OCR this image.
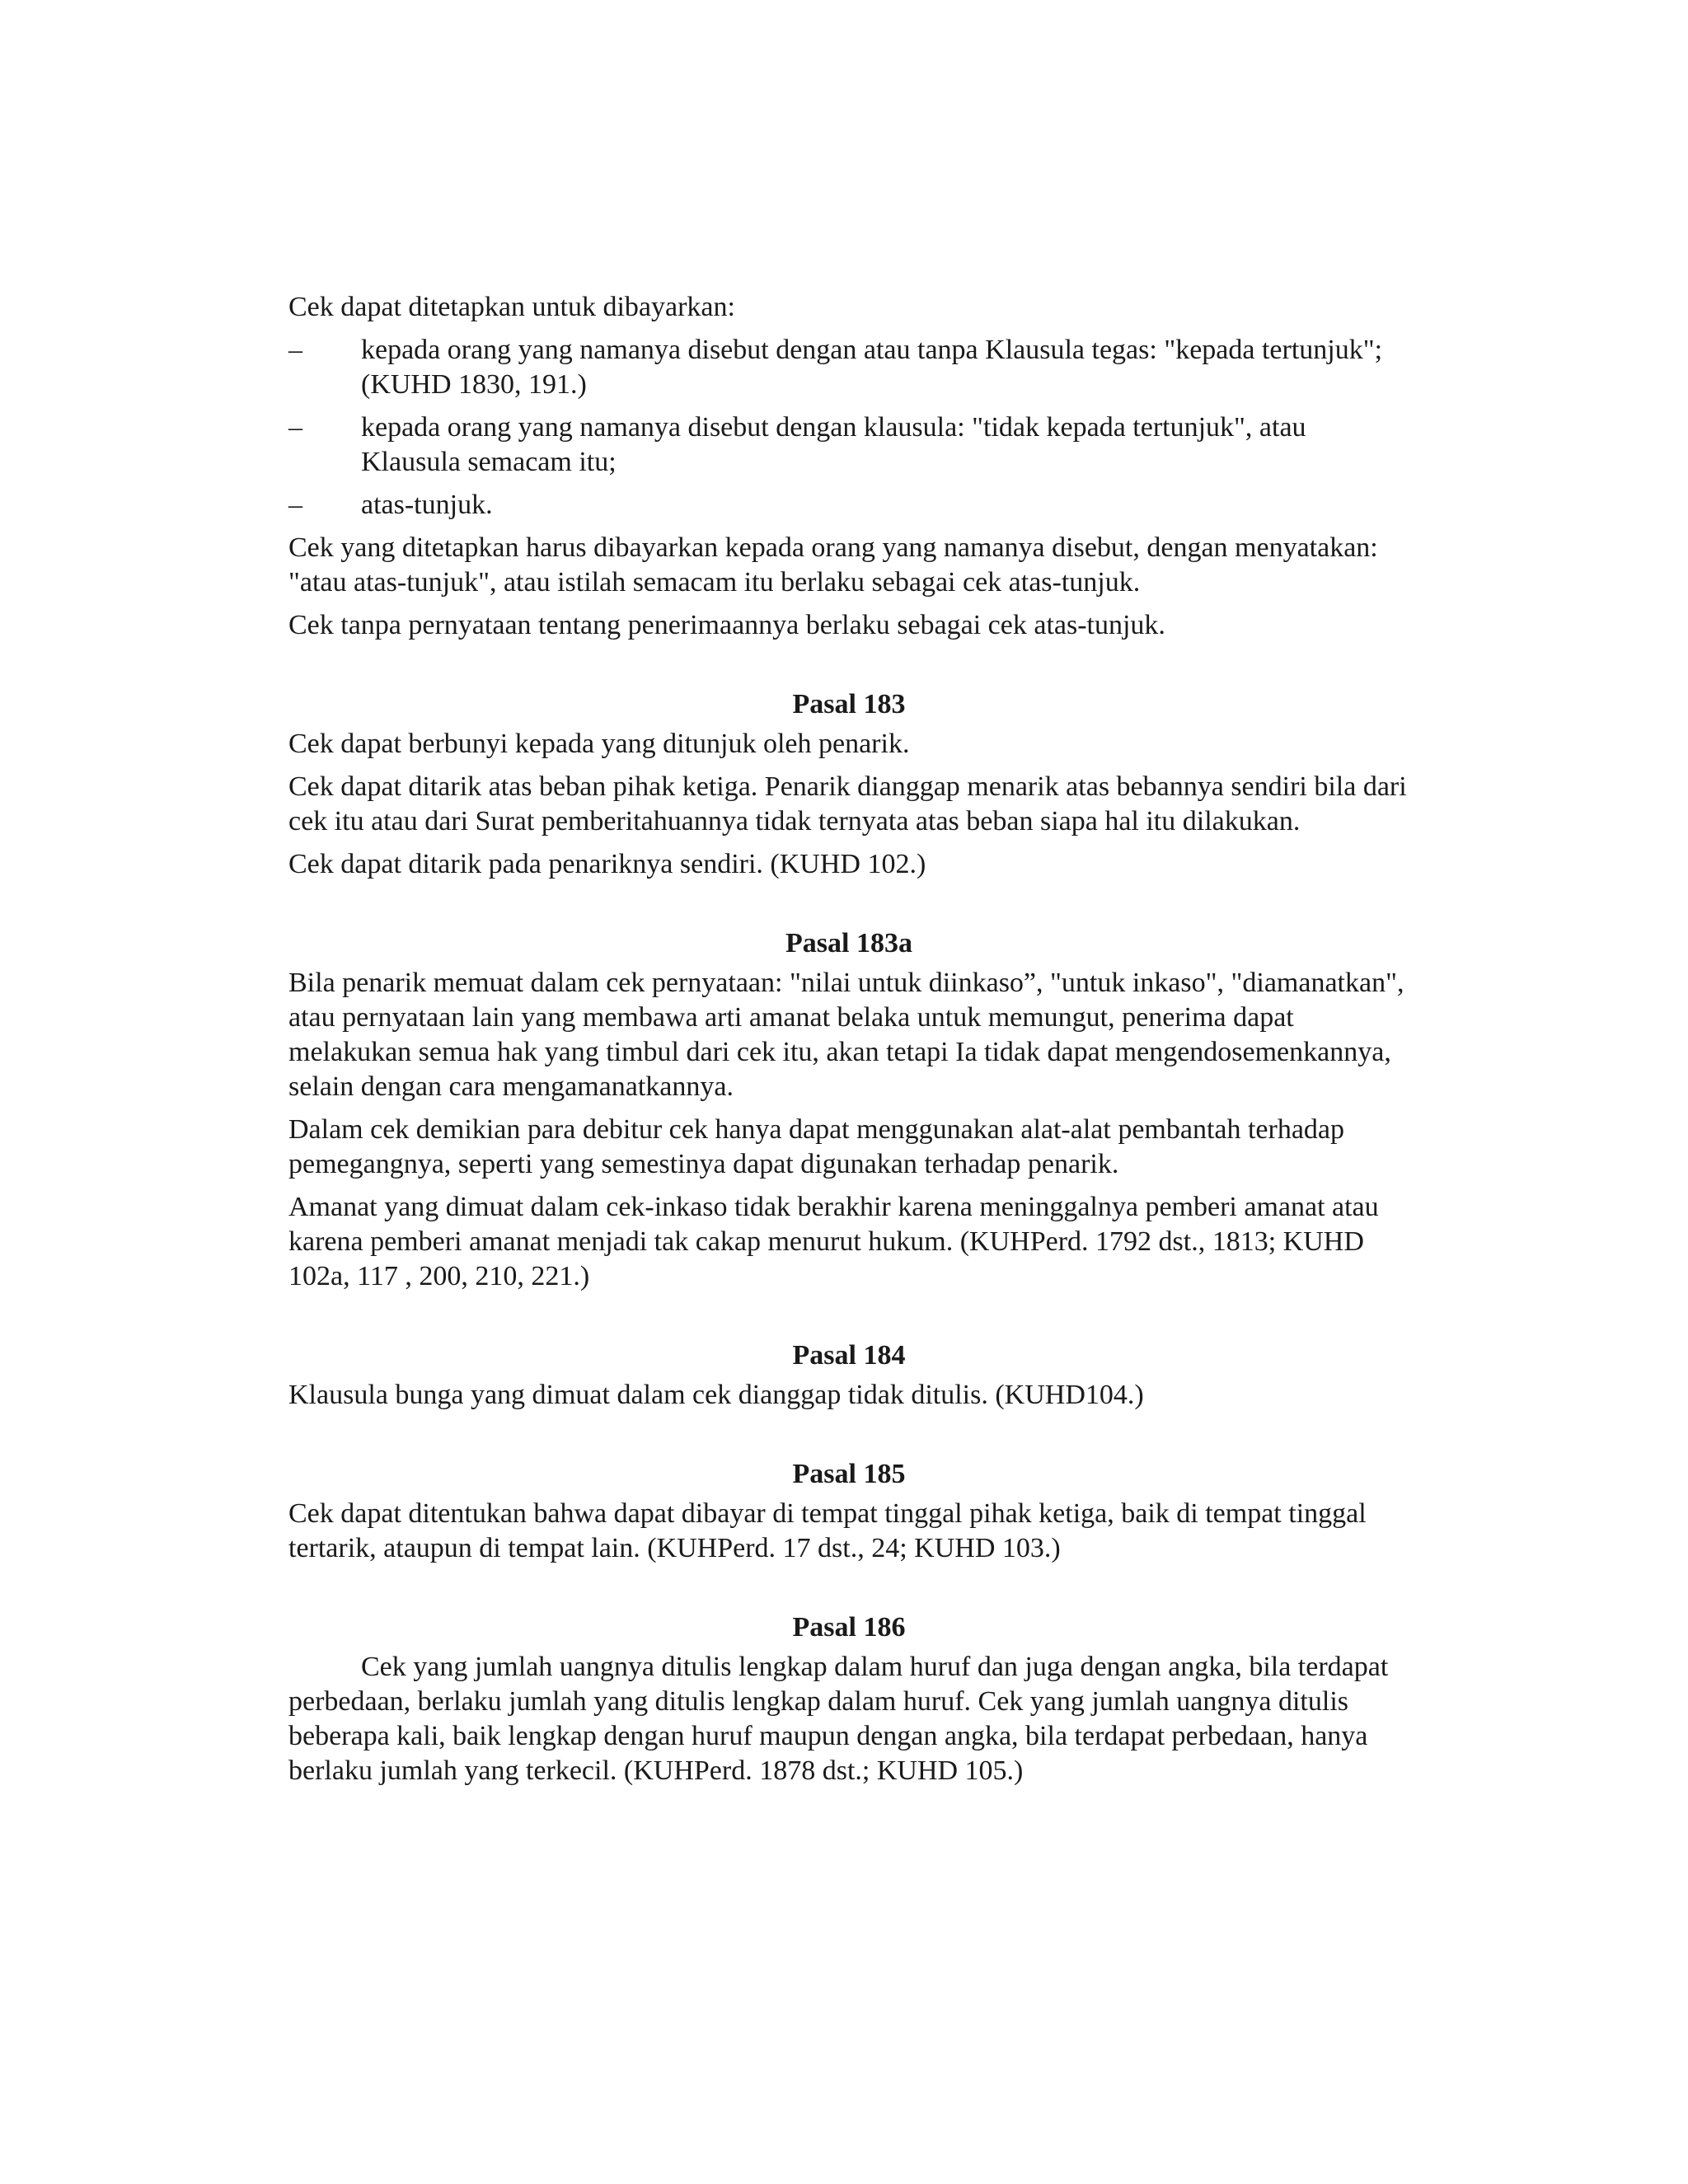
Cek dapat ditetapkan untuk dibayarkan:

– kepada orang yang namanya disebut dengan atau tanpa Klausula tegas: "kepada tertunjuk"; (KUHD 1830, 191.)
– kepada orang yang namanya disebut dengan klausula: "tidak kepada tertunjuk", atau Klausula semacam itu;
– atas-tunjuk.

Cek yang ditetapkan harus dibayarkan kepada orang yang namanya disebut, dengan menyatakan: "atau atas-tunjuk", atau istilah semacam itu berlaku sebagai cek atas-tunjuk.

Cek tanpa pernyataan tentang penerimaannya berlaku sebagai cek atas-tunjuk.

Pasal 183

Cek dapat berbunyi kepada yang ditunjuk oleh penarik.

Cek dapat ditarik atas beban pihak ketiga. Penarik dianggap menarik atas bebannya sendiri bila dari cek itu atau dari Surat pemberitahuannya tidak ternyata atas beban siapa hal itu dilakukan.

Cek dapat ditarik pada penariknya sendiri. (KUHD 102.)

Pasal 183a

Bila penarik memuat dalam cek pernyataan: "nilai untuk diinkaso”, "untuk inkaso", "diamanatkan", atau pernyataan lain yang membawa arti amanat belaka untuk memungut, penerima dapat melakukan semua hak yang timbul dari cek itu, akan tetapi Ia tidak dapat mengendosemenkannya, selain dengan cara mengamanatkannya.

Dalam cek demikian para debitur cek hanya dapat menggunakan alat-alat pembantah terhadap pemegangnya, seperti yang semestinya dapat digunakan terhadap penarik.

Amanat yang dimuat dalam cek-inkaso tidak berakhir karena meninggalnya pemberi amanat atau karena pemberi amanat menjadi tak cakap menurut hukum. (KUHPerd. 1792 dst., 1813; KUHD 102a, 117 , 200, 210, 221.)

Pasal 184

Klausula bunga yang dimuat dalam cek dianggap tidak ditulis. (KUHD104.)

Pasal 185

Cek dapat ditentukan bahwa dapat dibayar di tempat tinggal pihak ketiga, baik di tempat tinggal tertarik, ataupun di tempat lain. (KUHPerd. 17 dst., 24; KUHD 103.)

Pasal 186

Cek yang jumlah uangnya ditulis lengkap dalam huruf dan juga dengan angka, bila terdapat perbedaan, berlaku jumlah yang ditulis lengkap dalam huruf. Cek yang jumlah uangnya ditulis beberapa kali, baik lengkap dengan huruf maupun dengan angka, bila terdapat perbedaan, hanya berlaku jumlah yang terkecil. (KUHPerd. 1878 dst.; KUHD 105.)
